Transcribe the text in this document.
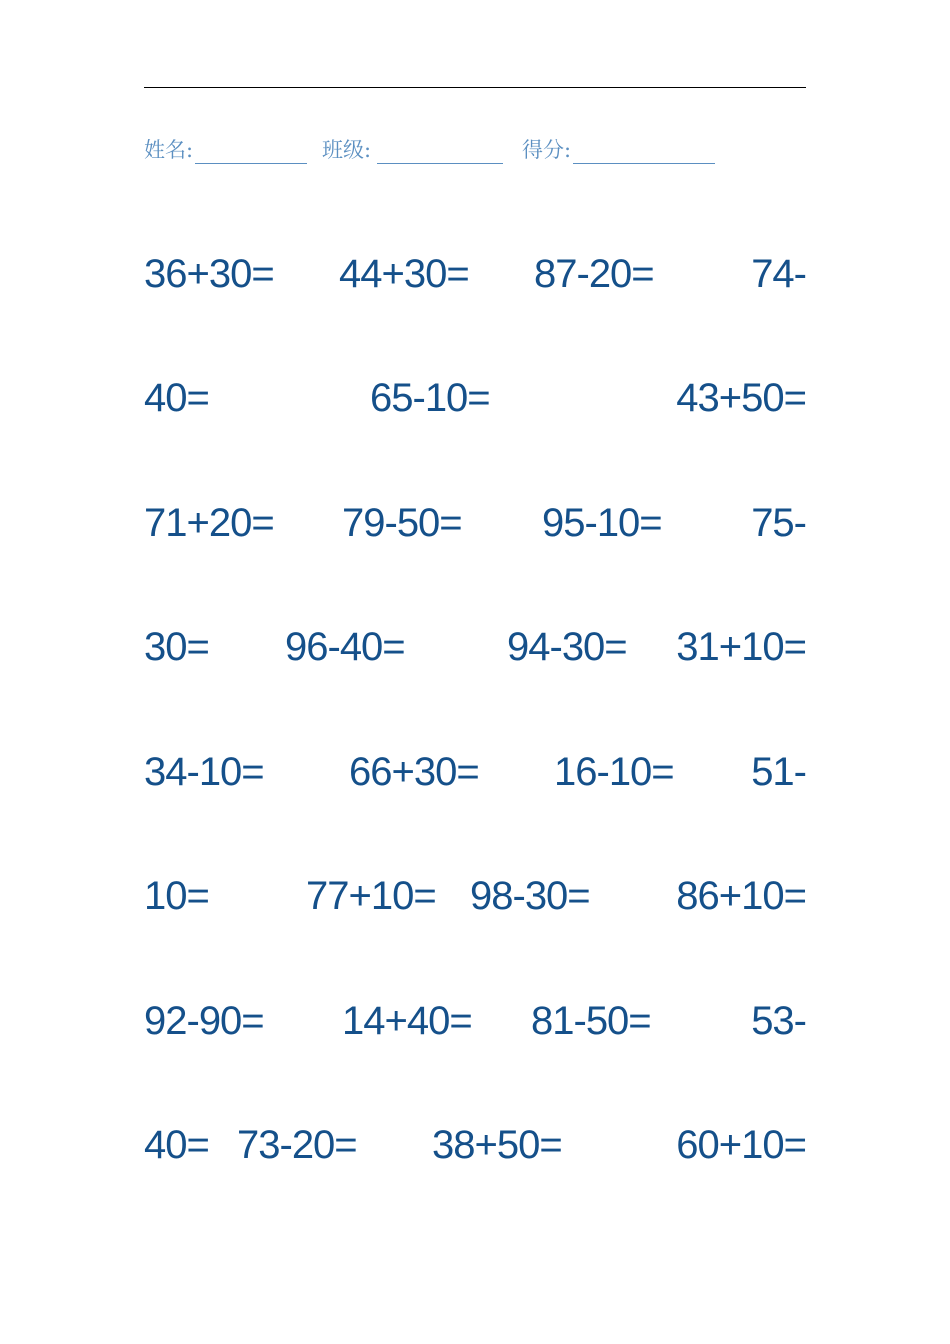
姓名:	班级:	得分:
36+30= 44+30= 87-20= 74-
40=	65-10=	43+50=
71+20= 79-50= 95-10= 75-
30= 96-40=	94-30= 31+10=
34-10= 66+30= 16-10= 51-
10= 77+10= 98-30= 86+10=
92-90= 14+40= 81-50=	53-
40= 73-20= 38+50=	60+10=
